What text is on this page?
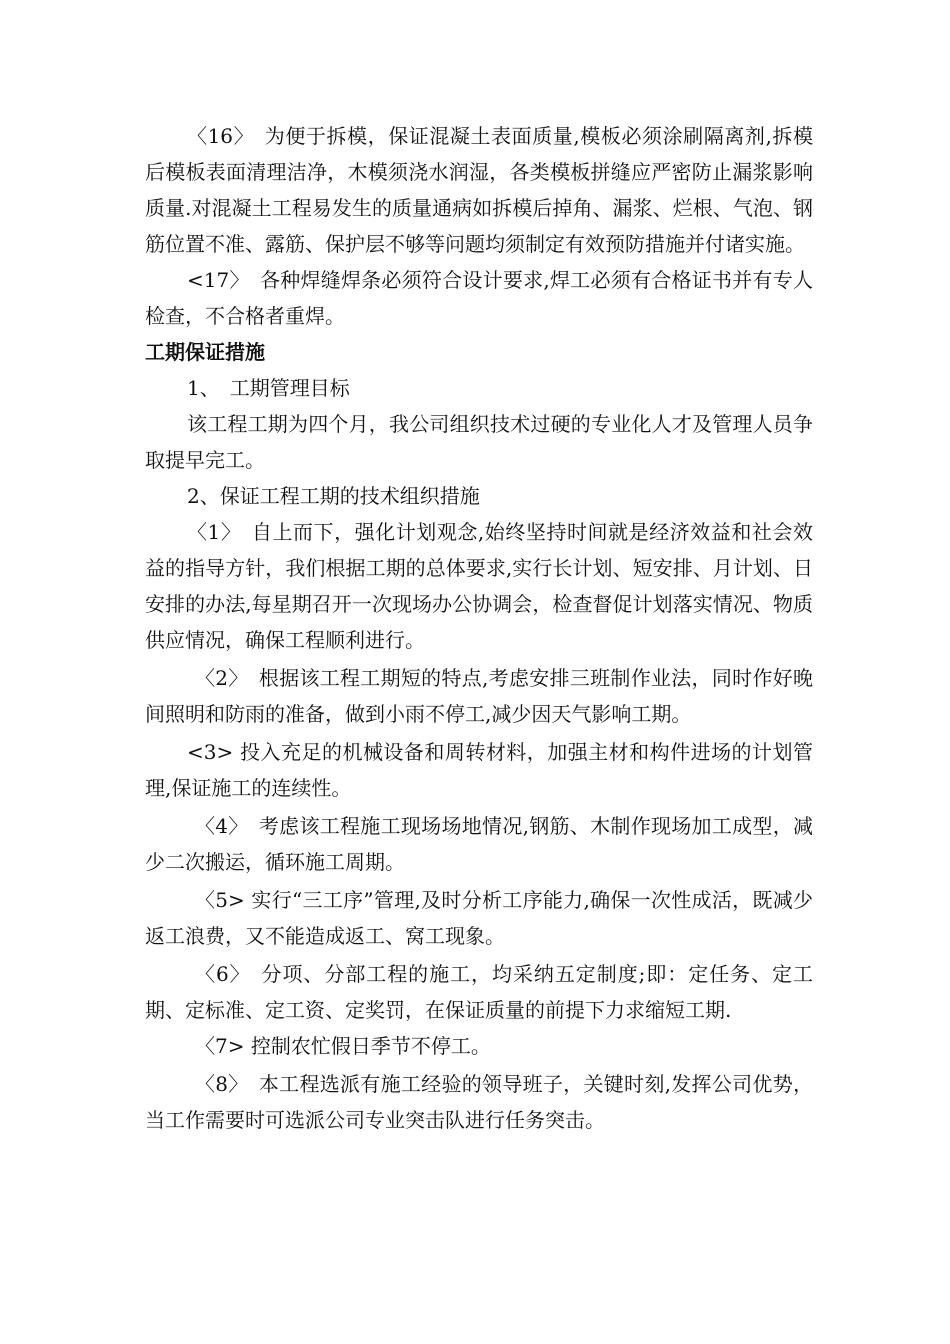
〈16〉　为便于拆模，保证混凝土表面质量,模板必须涂刷隔离剂,拆模后模板表面清理洁净，木模须浇水润湿，各类模板拼缝应严密防止漏浆影响质量.对混凝土工程易发生的质量通病如拆模后掉角、漏浆、烂根、气泡、钢筋位置不准、露筋、保护层不够等问题均须制定有效预防措施并付诸实施。

<17〉　各种焊缝焊条必须符合设计要求,焊工必须有合格证书并有专人检查，不合格者重焊。

工期保证措施

1、　工期管理目标

该工程工期为四个月，我公司组织技术过硬的专业化人才及管理人员争取提早完工。

2、保证工程工期的技术组织措施

〈1〉　自上而下，强化计划观念,始终坚持时间就是经济效益和社会效益的指导方针，我们根据工期的总体要求,实行长计划、短安排、月计划、日安排的办法,每星期召开一次现场办公协调会，检查督促计划落实情况、物质供应情况，确保工程顺利进行。

〈2〉　根据该工程工期短的特点,考虑安排三班制作业法，同时作好晚间照明和防雨的准备，做到小雨不停工,减少因天气影响工期。

<3> 投入充足的机械设备和周转材料，加强主材和构件进场的计划管理,保证施工的连续性。

〈4〉　考虑该工程施工现场场地情况,钢筋、木制作现场加工成型，减少二次搬运，循环施工周期。

〈5> 实行“三工序”管理,及时分析工序能力,确保一次性成活，既减少返工浪费，又不能造成返工、窝工现象。

〈6〉　分项、分部工程的施工，均采纳五定制度;即：定任务、定工期、定标准、定工资、定奖罚，在保证质量的前提下力求缩短工期.

〈7> 控制农忙假日季节不停工。

〈8〉　本工程选派有施工经验的领导班子，关键时刻,发挥公司优势，当工作需要时可选派公司专业突击队进行任务突击。
